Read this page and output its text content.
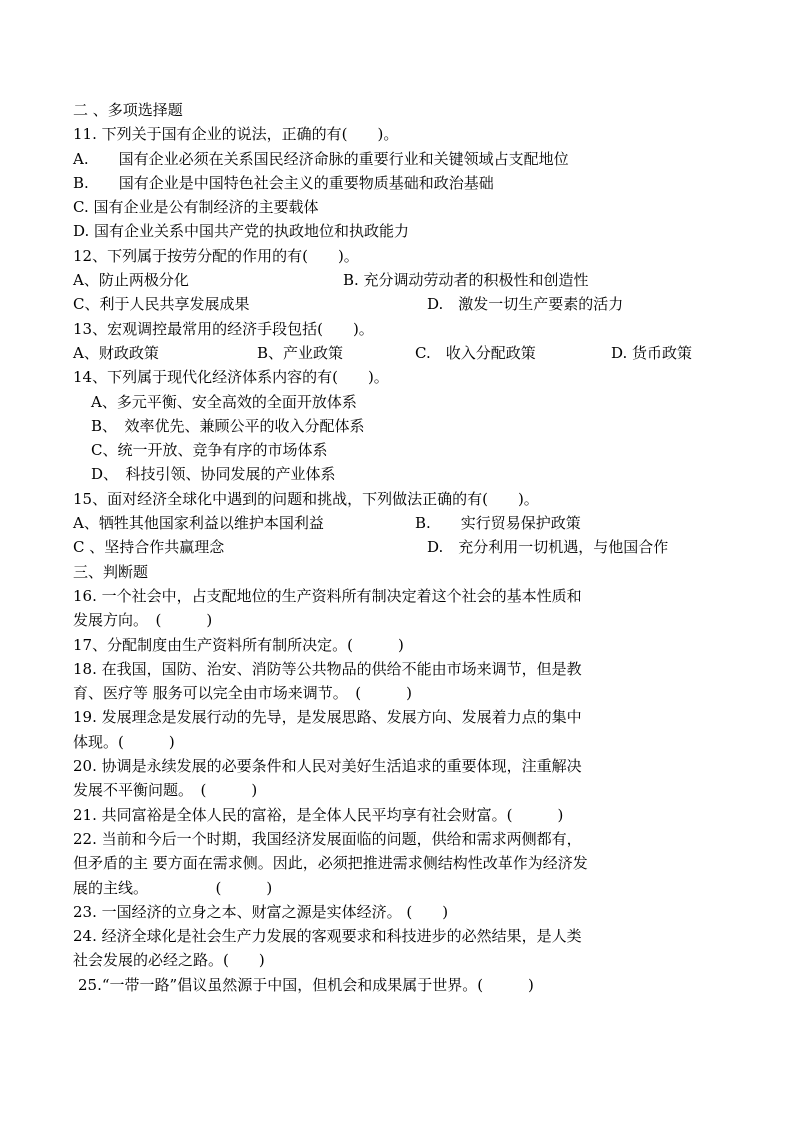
二 、多项选择题
11. 下列关于国有企业的说法，正确的有(　　)。
A. 国有企业必须在关系国民经济命脉的重要行业和关键领域占支配地位
B. 国有企业是中国特色社会主义的重要物质基础和政治基础
C. 国有企业是公有制经济的主要载体
D. 国有企业关系中国共产党的执政地位和执政能力
12、下列属于按劳分配的作用的有(　　)。
A、防止两极分化	B. 充分调动劳动者的积极性和创造性
C、利于人民共享发展成果	D.　激发一切生产要素的活力
13、宏观调控最常用的经济手段包括(　　)。
A、财政政策	B、产业政策	C.　收入分配政策	D. 货币政策
14、下列属于现代化经济体系内容的有(　　)。
A、多元平衡、安全高效的全面开放体系
B、　效率优先、兼顾公平的收入分配体系
C、统一开放、竞争有序的市场体系
D、　科技引领、协同发展的产业体系
15、面对经济全球化中遇到的问题和挑战，下列做法正确的有(　　)。
A、牺牲其他国家利益以维护本国利益	B.　　实行贸易保护政策
C 、坚持合作共赢理念	D.　充分利用一切机遇，与他国合作
三、判断题
16. 一个社会中，占支配地位的生产资料所有制决定着这个社会的基本性质和
发展方向。　(　　　)
17、分配制度由生产资料所有制所决定。(　　　)
18. 在我国，国防、治安、消防等公共物品的供给不能由市场来调节，但是教
育、医疗等 服务可以完全由市场来调节。　(　　　)
19. 发展理念是发展行动的先导，是发展思路、发展方向、发展着力点的集中
体现。(　　　)
20. 协调是永续发展的必要条件和人民对美好生活追求的重要体现，注重解决
发展不平衡问题。　(　　　)
21. 共同富裕是全体人民的富裕，是全体人民平均享有社会财富。(　　　)
22. 当前和今后一个时期，我国经济发展面临的问题，供给和需求两侧都有，
但矛盾的主 要方面在需求侧。因此，必须把推进需求侧结构性改革作为经济发
展的主线。　　　　　(　　　)
23. 一国经济的立身之本、财富之源是实体经济。 (　　)
24. 经济全球化是社会生产力发展的客观要求和科技进步的必然结果，是人类
社会发展的必经之路。(　　)
25.“一带一路”倡议虽然源于中国，但机会和成果属于世界。(　　　)
